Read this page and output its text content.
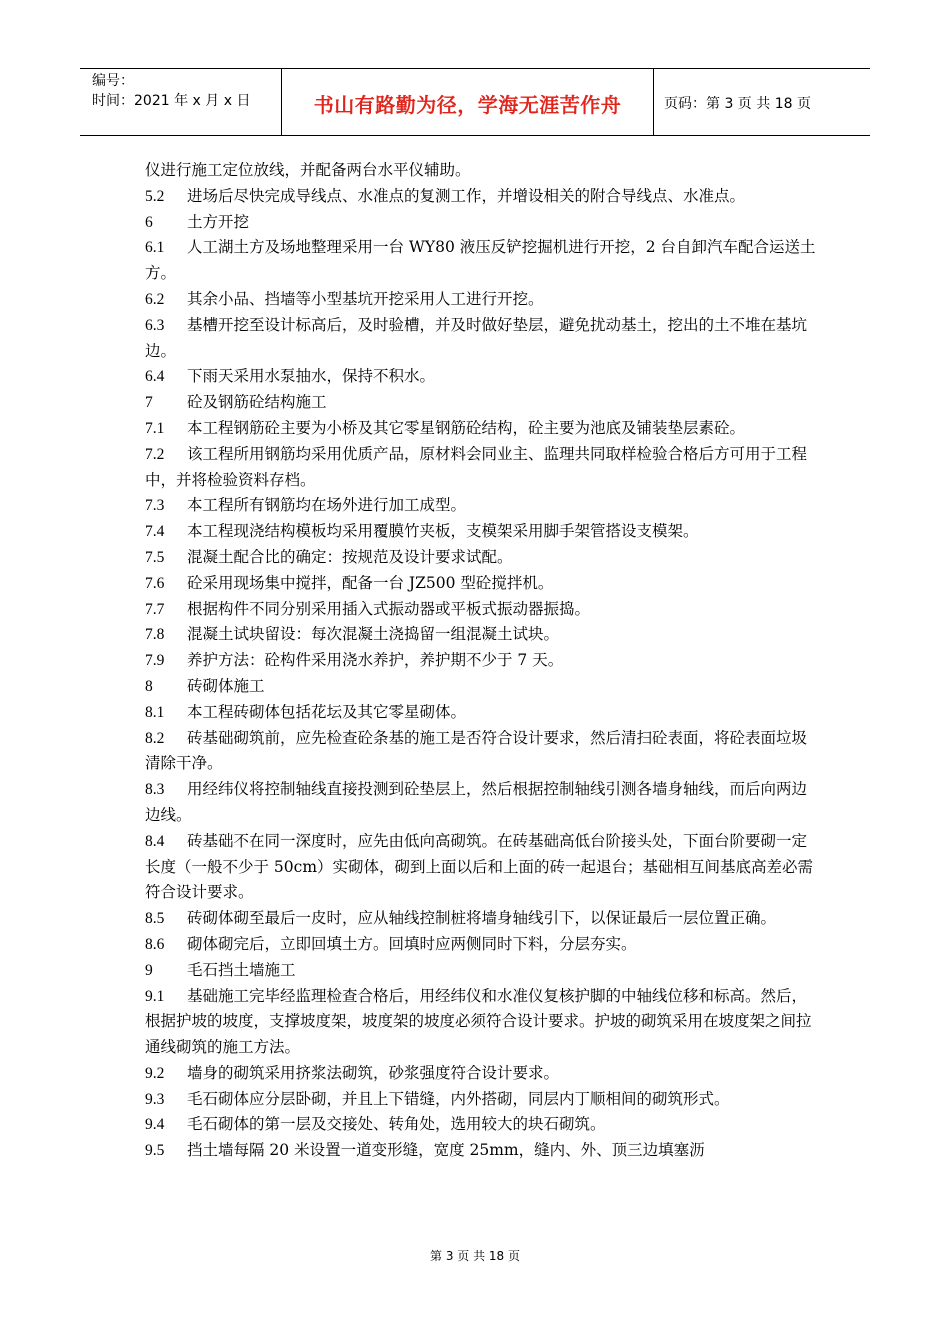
编号：
时间：2021 年 x 月 x 日	书山有路勤为径，学海无涯苦作舟	页码：第 3 页 共 18 页

仪进行施工定位放线，并配备两台水平仪辅助。

5.2 进场后尽快完成导线点、水准点的复测工作，并增设相关的附合导线点、水准点。

6 土方开挖

6.1 人工湖土方及场地整理采用一台 WY80 液压反铲挖掘机进行开挖，2 台自卸汽车配合运送土方。

6.2 其余小品、挡墙等小型基坑开挖采用人工进行开挖。

6.3 基槽开挖至设计标高后，及时验槽，并及时做好垫层，避免扰动基土，挖出的土不堆在基坑边。

6.4 下雨天采用水泵抽水，保持不积水。

7 砼及钢筋砼结构施工

7.1 本工程钢筋砼主要为小桥及其它零星钢筋砼结构，砼主要为池底及铺装垫层素砼。

7.2 该工程所用钢筋均采用优质产品，原材料会同业主、监理共同取样检验合格后方可用于工程中，并将检验资料存档。

7.3 本工程所有钢筋均在场外进行加工成型。

7.4 本工程现浇结构模板均采用覆膜竹夹板，支模架采用脚手架管搭设支模架。

7.5 混凝土配合比的确定：按规范及设计要求试配。

7.6 砼采用现场集中搅拌，配备一台 JZ500 型砼搅拌机。

7.7 根据构件不同分别采用插入式振动器或平板式振动器振捣。

7.8 混凝土试块留设：每次混凝土浇捣留一组混凝土试块。

7.9 养护方法：砼构件采用浇水养护，养护期不少于 7 天。

8 砖砌体施工

8.1 本工程砖砌体包括花坛及其它零星砌体。

8.2 砖基础砌筑前，应先检查砼条基的施工是否符合设计要求，然后清扫砼表面，将砼表面垃圾清除干净。

8.3 用经纬仪将控制轴线直接投测到砼垫层上，然后根据控制轴线引测各墙身轴线，而后向两边边线。

8.4 砖基础不在同一深度时，应先由低向高砌筑。在砖基础高低台阶接头处，下面台阶要砌一定长度（一般不少于 50cm）实砌体，砌到上面以后和上面的砖一起退台；基础相互间基底高差必需符合设计要求。

8.5 砖砌体砌至最后一皮时，应从轴线控制桩将墙身轴线引下，以保证最后一层位置正确。

8.6 砌体砌完后，立即回填土方。回填时应两侧同时下料，分层夯实。

9 毛石挡土墙施工

9.1 基础施工完毕经监理检查合格后，用经纬仪和水准仪复核护脚的中轴线位移和标高。然后，根据护坡的坡度，支撑坡度架，坡度架的坡度必须符合设计要求。护坡的砌筑采用在坡度架之间拉通线砌筑的施工方法。

9.2 墙身的砌筑采用挤浆法砌筑，砂浆强度符合设计要求。

9.3 毛石砌体应分层卧砌，并且上下错缝，内外搭砌，同层内丁顺相间的砌筑形式。

9.4 毛石砌体的第一层及交接处、转角处，选用较大的块石砌筑。

9.5 挡土墙每隔 20 米设置一道变形缝，宽度 25mm，缝内、外、顶三边填塞沥

第 3 页 共 18 页
